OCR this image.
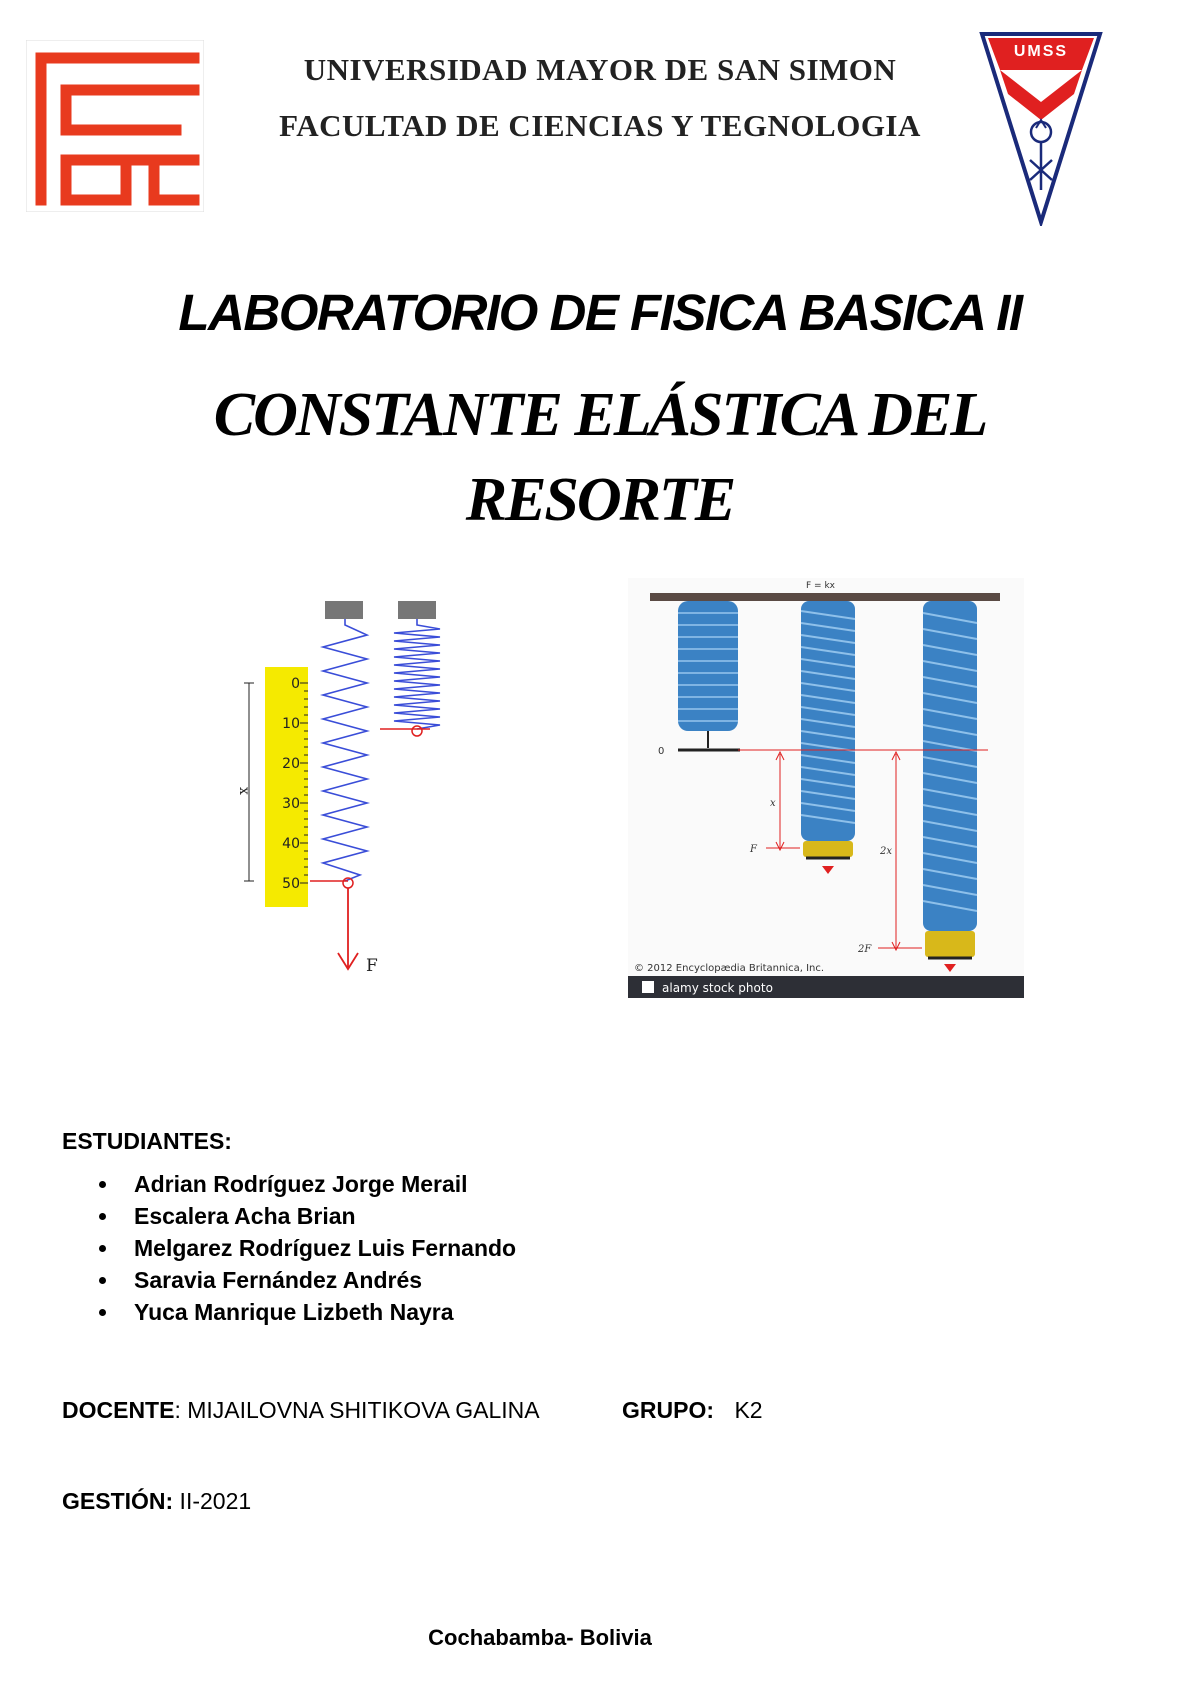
UNIVERSIDAD MAYOR DE SAN SIMON
FACULTAD DE CIENCIAS Y TEGNOLOGIA
UMSS
LABORATORIO DE FISICA BASICA II
CONSTANTE ELÁSTICA DEL
RESORTE
0
10
20
30
40
50
x
F
F = kx
0
x
2x
F
2F
© 2012 Encyclopædia Britannica, Inc.
alamy stock photo
ESTUDIANTES:
Adrian Rodríguez Jorge Merail
Escalera Acha Brian
Melgarez Rodríguez Luis Fernando
Saravia Fernández Andrés
Yuca Manrique Lizbeth Nayra
DOCENTE: MIJAILOVNA SHITIKOVA GALINA	GRUPO: K2
GESTIÓN: II-2021
Cochabamba- Bolivia
